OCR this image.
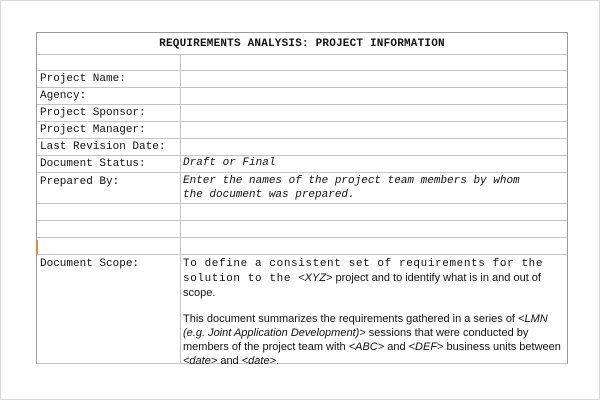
REQUIREMENTS ANALYSIS: PROJECT INFORMATION
Project Name:
Agency:
Project Sponsor:
Project Manager:
Last Revision Date:
Document Status:	Draft or Final
Prepared By:	Enter the names of the project team members by whom
the document was prepared.
Document Scope:	To define a consistent set of requirements for the
solution to the <XYZ> project and to identify what is in and out of
scope.

This document summarizes the requirements gathered in a series of <LMN
(e.g. Joint Application Development)> sessions that were conducted by
members of the project team with <ABC> and <DEF> business units between
<date> and <date>.
